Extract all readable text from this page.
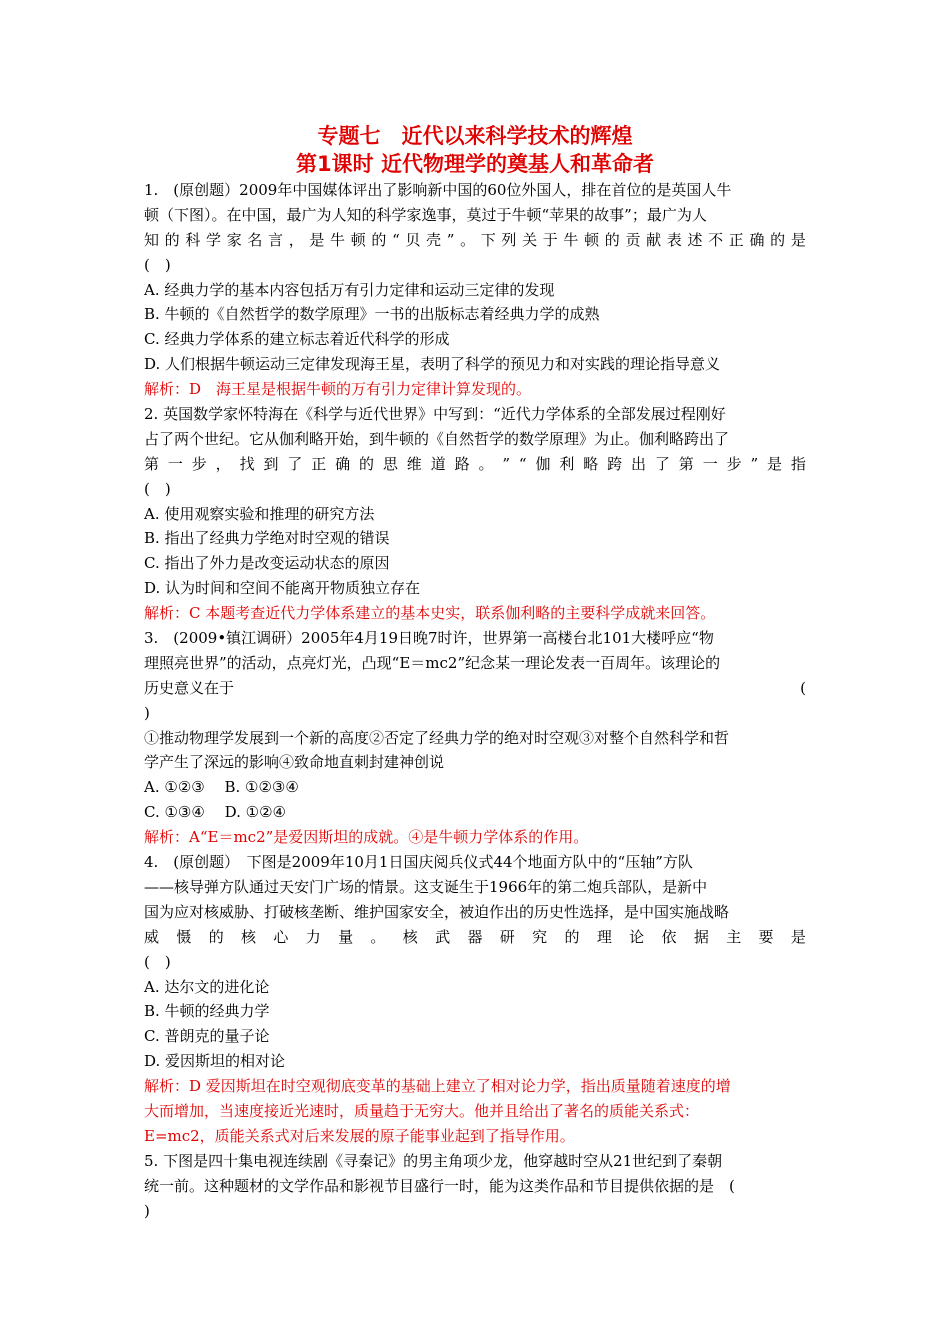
专题七　近代以来科学技术的辉煌
第1课时 近代物理学的奠基人和革命者
1.　(原创题）2009年中国媒体评出了影响新中国的60位外国人，排在首位的是英国人牛
顿（下图）。在中国，最广为人知的科学家逸事，莫过于牛顿“苹果的故事”；最广为人
知 的 科 学 家 名 言 ， 是 牛 顿 的 “ 贝 壳 ” 。 下 列 关 于 牛 顿 的 贡 献 表 述 不 正 确 的 是
(　)
A. 经典力学的基本内容包括万有引力定律和运动三定律的发现
B. 牛顿的《自然哲学的数学原理》一书的出版标志着经典力学的成熟
C. 经典力学体系的建立标志着近代科学的形成
D. 人们根据牛顿运动三定律发现海王星，表明了科学的预见力和对实践的理论指导意义
解析：D　海王星是根据牛顿的万有引力定律计算发现的。
2. 英国数学家怀特海在《科学与近代世界》中写到：“近代力学体系的全部发展过程刚好
占了两个世纪。它从伽利略开始，到牛顿的《自然哲学的数学原理》为止。伽利略跨出了
第 一 步 ， 找 到 了 正 确 的 思 维 道 路 。 ” “ 伽 利 略 跨 出 了 第 一 步 ” 是 指
(　)
A. 使用观察实验和推理的研究方法
B. 指出了经典力学绝对时空观的错误
C. 指出了外力是改变运动状态的原因
D. 认为时间和空间不能离开物质独立存在
解析：C 本题考查近代力学体系建立的基本史实，联系伽利略的主要科学成就来回答。
3.　(2009•镇江调研）2005年4月19日晚7时许，世界第一高楼台北101大楼呼应“物
理照亮世界”的活动，点亮灯光，凸现“E＝mc2”纪念某一理论发表一百周年。该理论的
历史意义在于	(
)
①推动物理学发展到一个新的高度②否定了经典力学的绝对时空观③对整个自然科学和哲
学产生了深远的影响④致命地直刺封建神创说
A. ①②③　 B. ①②③④
C. ①③④　 D. ①②④
解析：A“E＝mc2”是爱因斯坦的成就。④是牛顿力学体系的作用。
4.　(原创题）　下图是2009年10月1日国庆阅兵仪式44个地面方队中的“压轴”方队
——核导弹方队通过天安门广场的情景。这支诞生于1966年的第二炮兵部队，是新中
国为应对核威胁、打破核垄断、维护国家安全，被迫作出的历史性选择，是中国实施战略
威 慑 的 核 心 力 量 。 核 武 器 研 究 的 理 论 依 据 主 要 是
(　)
A. 达尔文的进化论
B. 牛顿的经典力学
C. 普朗克的量子论
D. 爱因斯坦的相对论
解析：D 爱因斯坦在时空观彻底变革的基础上建立了相对论力学，指出质量随着速度的增
大而增加，当速度接近光速时，质量趋于无穷大。他并且给出了著名的质能关系式：
E=mc2，质能关系式对后来发展的原子能事业起到了指导作用。
5. 下图是四十集电视连续剧《寻秦记》的男主角项少龙，他穿越时空从21世纪到了秦朝
统一前。这种题材的文学作品和影视节目盛行一时，能为这类作品和节目提供依据的是　(
)
